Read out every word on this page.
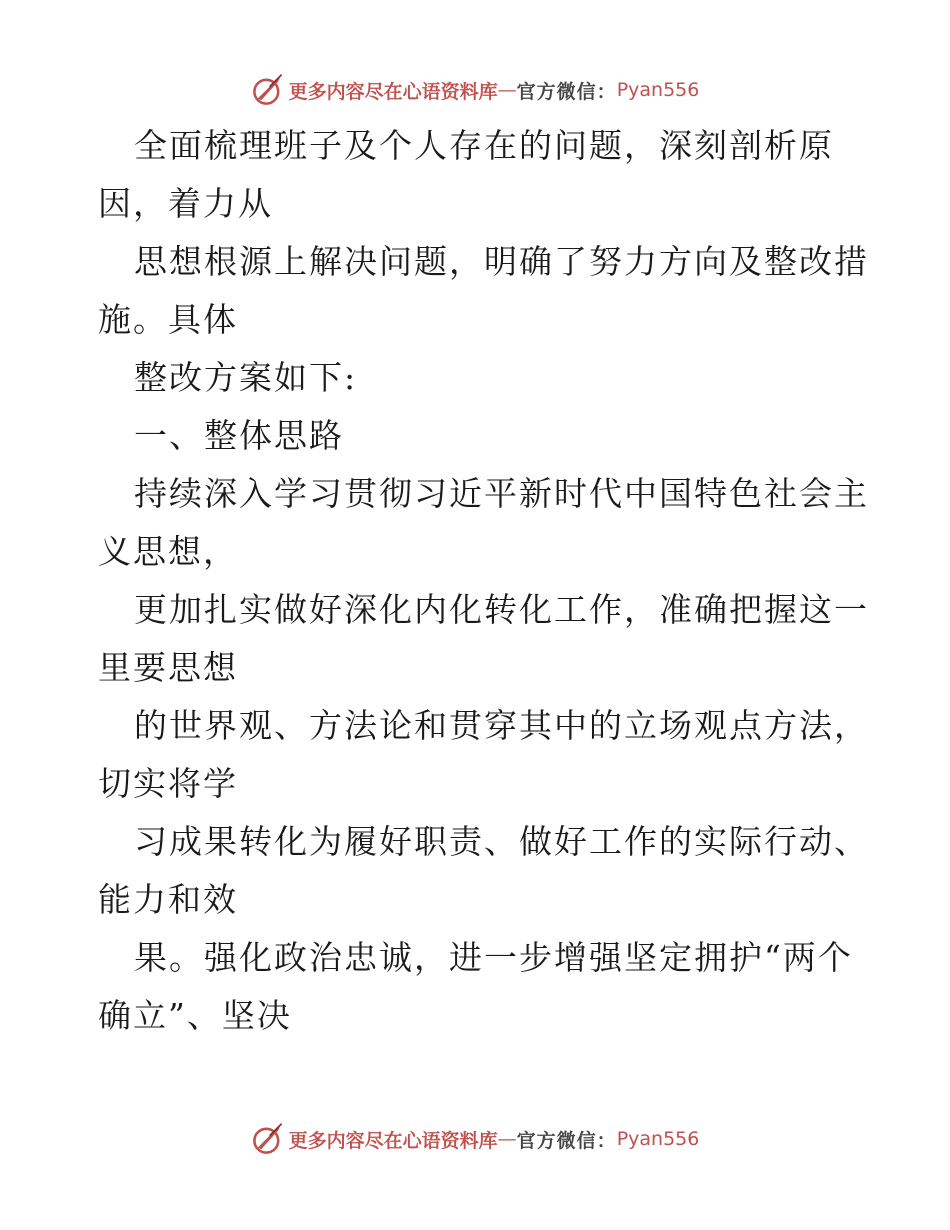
更多内容尽在心语资料库 — 官方微信： Pyan556
全面梳理班子及个人存在的问题，深刻剖析原
因，着力从
思想根源上解决问题，明确了努力方向及整改措
施。具体
整改方案如下:
一、整体思路
持续深入学习贯彻习近平新时代中国特色社会主
义思想，
更加扎实做好深化内化转化工作，准确把握这一
里要思想
的世界观、方法论和贯穿其中的立场观点方法，
切实将学
习成果转化为履好职责、做好工作的实际行动、
能力和效
果。强化政治忠诚，进一步增强坚定拥护“两个
确立”、坚决
更多内容尽在心语资料库 — 官方微信： Pyan556
